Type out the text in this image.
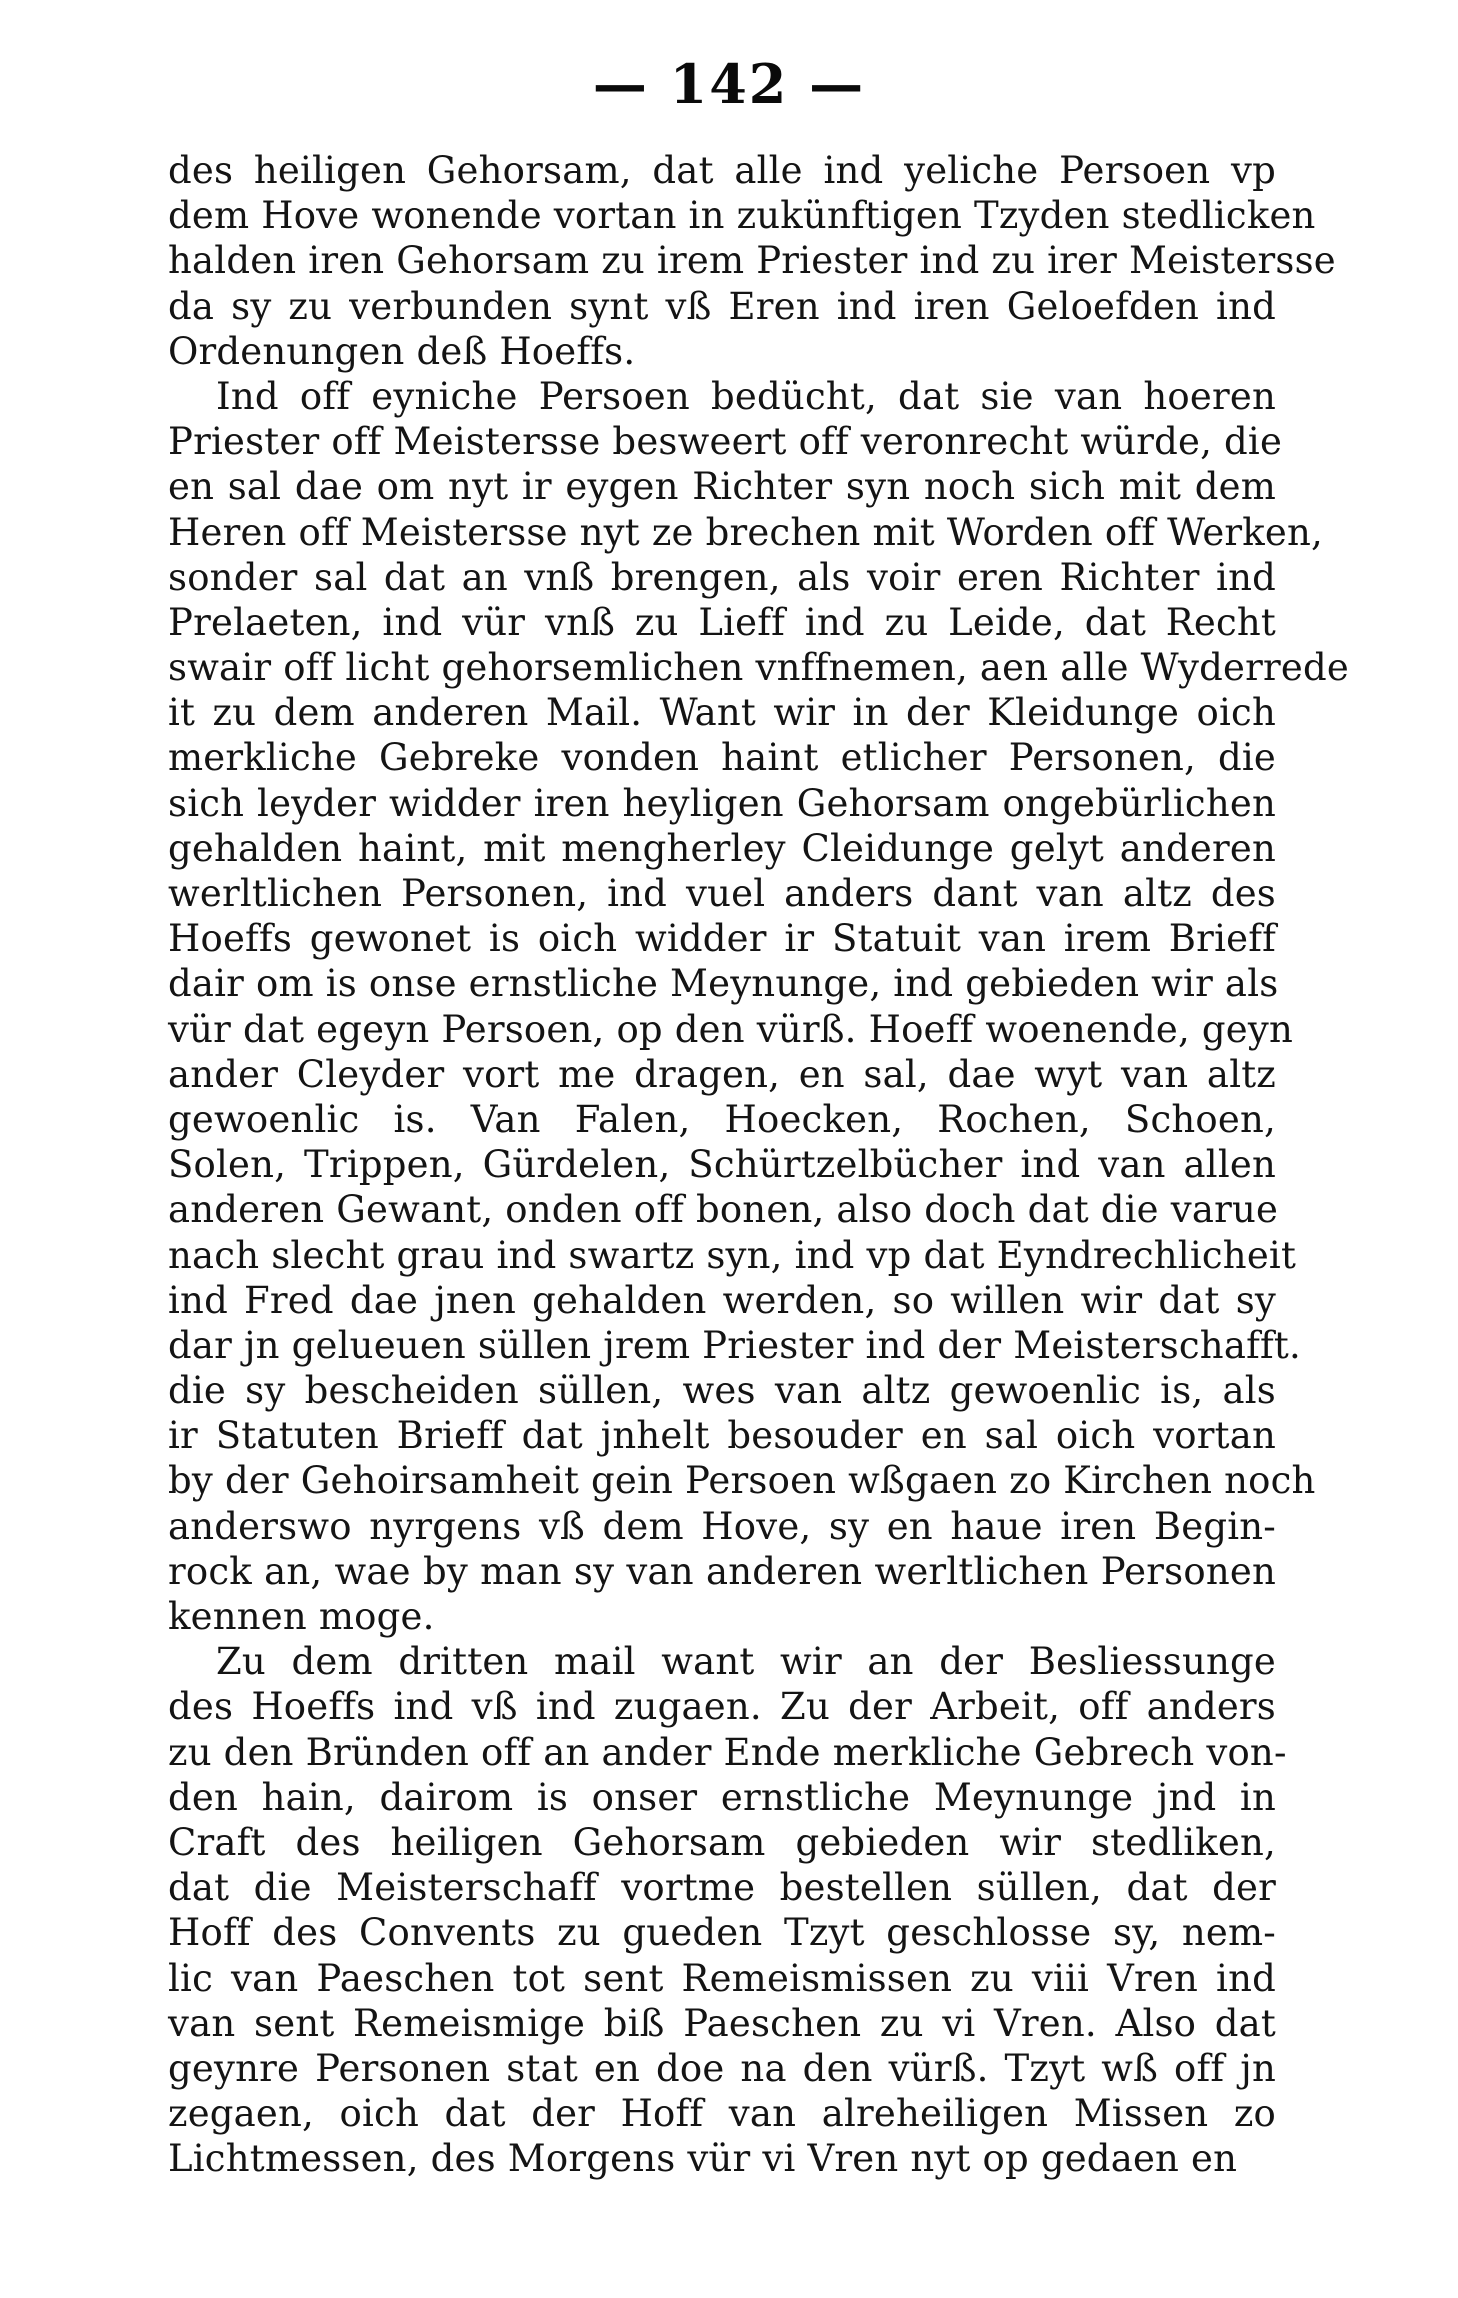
— 142 —
des heiligen Gehorsam, dat alle ind yeliche Persoen vp
dem Hove wonende vortan in zukünftigen Tzyden stedlicken
halden iren Gehorsam zu irem Priester ind zu irer Meistersse
da sy zu verbunden synt vß Eren ind iren Geloefden ind
Ordenungen deß Hoeffs.
Ind off eyniche Persoen bedücht, dat sie van hoeren
Priester off Meistersse besweert off veronrecht würde, die
en sal dae om nyt ir eygen Richter syn noch sich mit dem
Heren off Meistersse nyt ze brechen mit Worden off Werken,
sonder sal dat an vnß brengen, als voir eren Richter ind
Prelaeten, ind vür vnß zu Lieff ind zu Leide, dat Recht
swair off licht gehorsemlichen vnffnemen, aen alle Wyderrede
it zu dem anderen Mail. Want wir in der Kleidunge oich
merkliche Gebreke vonden haint etlicher Personen, die
sich leyder widder iren heyligen Gehorsam ongebürlichen
gehalden haint, mit mengherley Cleidunge gelyt anderen
werltlichen Personen, ind vuel anders dant van altz des
Hoeffs gewonet is oich widder ir Statuit van irem Brieff
dair om is onse ernstliche Meynunge, ind gebieden wir als
vür dat egeyn Persoen, op den vürß. Hoeff woenende, geyn
ander Cleyder vort me dragen, en sal, dae wyt van altz
gewoenlic is. Van Falen, Hoecken, Rochen, Schoen,
Solen, Trippen, Gürdelen, Schürtzelbücher ind van allen
anderen Gewant, onden off bonen, also doch dat die varue
nach slecht grau ind swartz syn, ind vp dat Eyndrechlicheit
ind Fred dae jnen gehalden werden, so willen wir dat sy
dar jn gelueuen süllen jrem Priester ind der Meisterschafft.
die sy bescheiden süllen, wes van altz gewoenlic is, als
ir Statuten Brieff dat jnhelt besouder en sal oich vortan
by der Gehoirsamheit gein Persoen wßgaen zo Kirchen noch
anderswo nyrgens vß dem Hove, sy en haue iren Begin-
rock an, wae by man sy van anderen werltlichen Personen
kennen moge.
Zu dem dritten mail want wir an der Besliessunge
des Hoeffs ind vß ind zugaen. Zu der Arbeit, off anders
zu den Bründen off an ander Ende merkliche Gebrech von-
den hain, dairom is onser ernstliche Meynunge jnd in
Craft des heiligen Gehorsam gebieden wir stedliken,
dat die Meisterschaff vortme bestellen süllen, dat der
Hoff des Convents zu gueden Tzyt geschlosse sy, nem-
lic van Paeschen tot sent Remeismissen zu viii Vren ind
van sent Remeismige biß Paeschen zu vi Vren. Also dat
geynre Personen stat en doe na den vürß. Tzyt wß off jn
zegaen, oich dat der Hoff van alreheiligen Missen zo
Lichtmessen, des Morgens vür vi Vren nyt op gedaen en
